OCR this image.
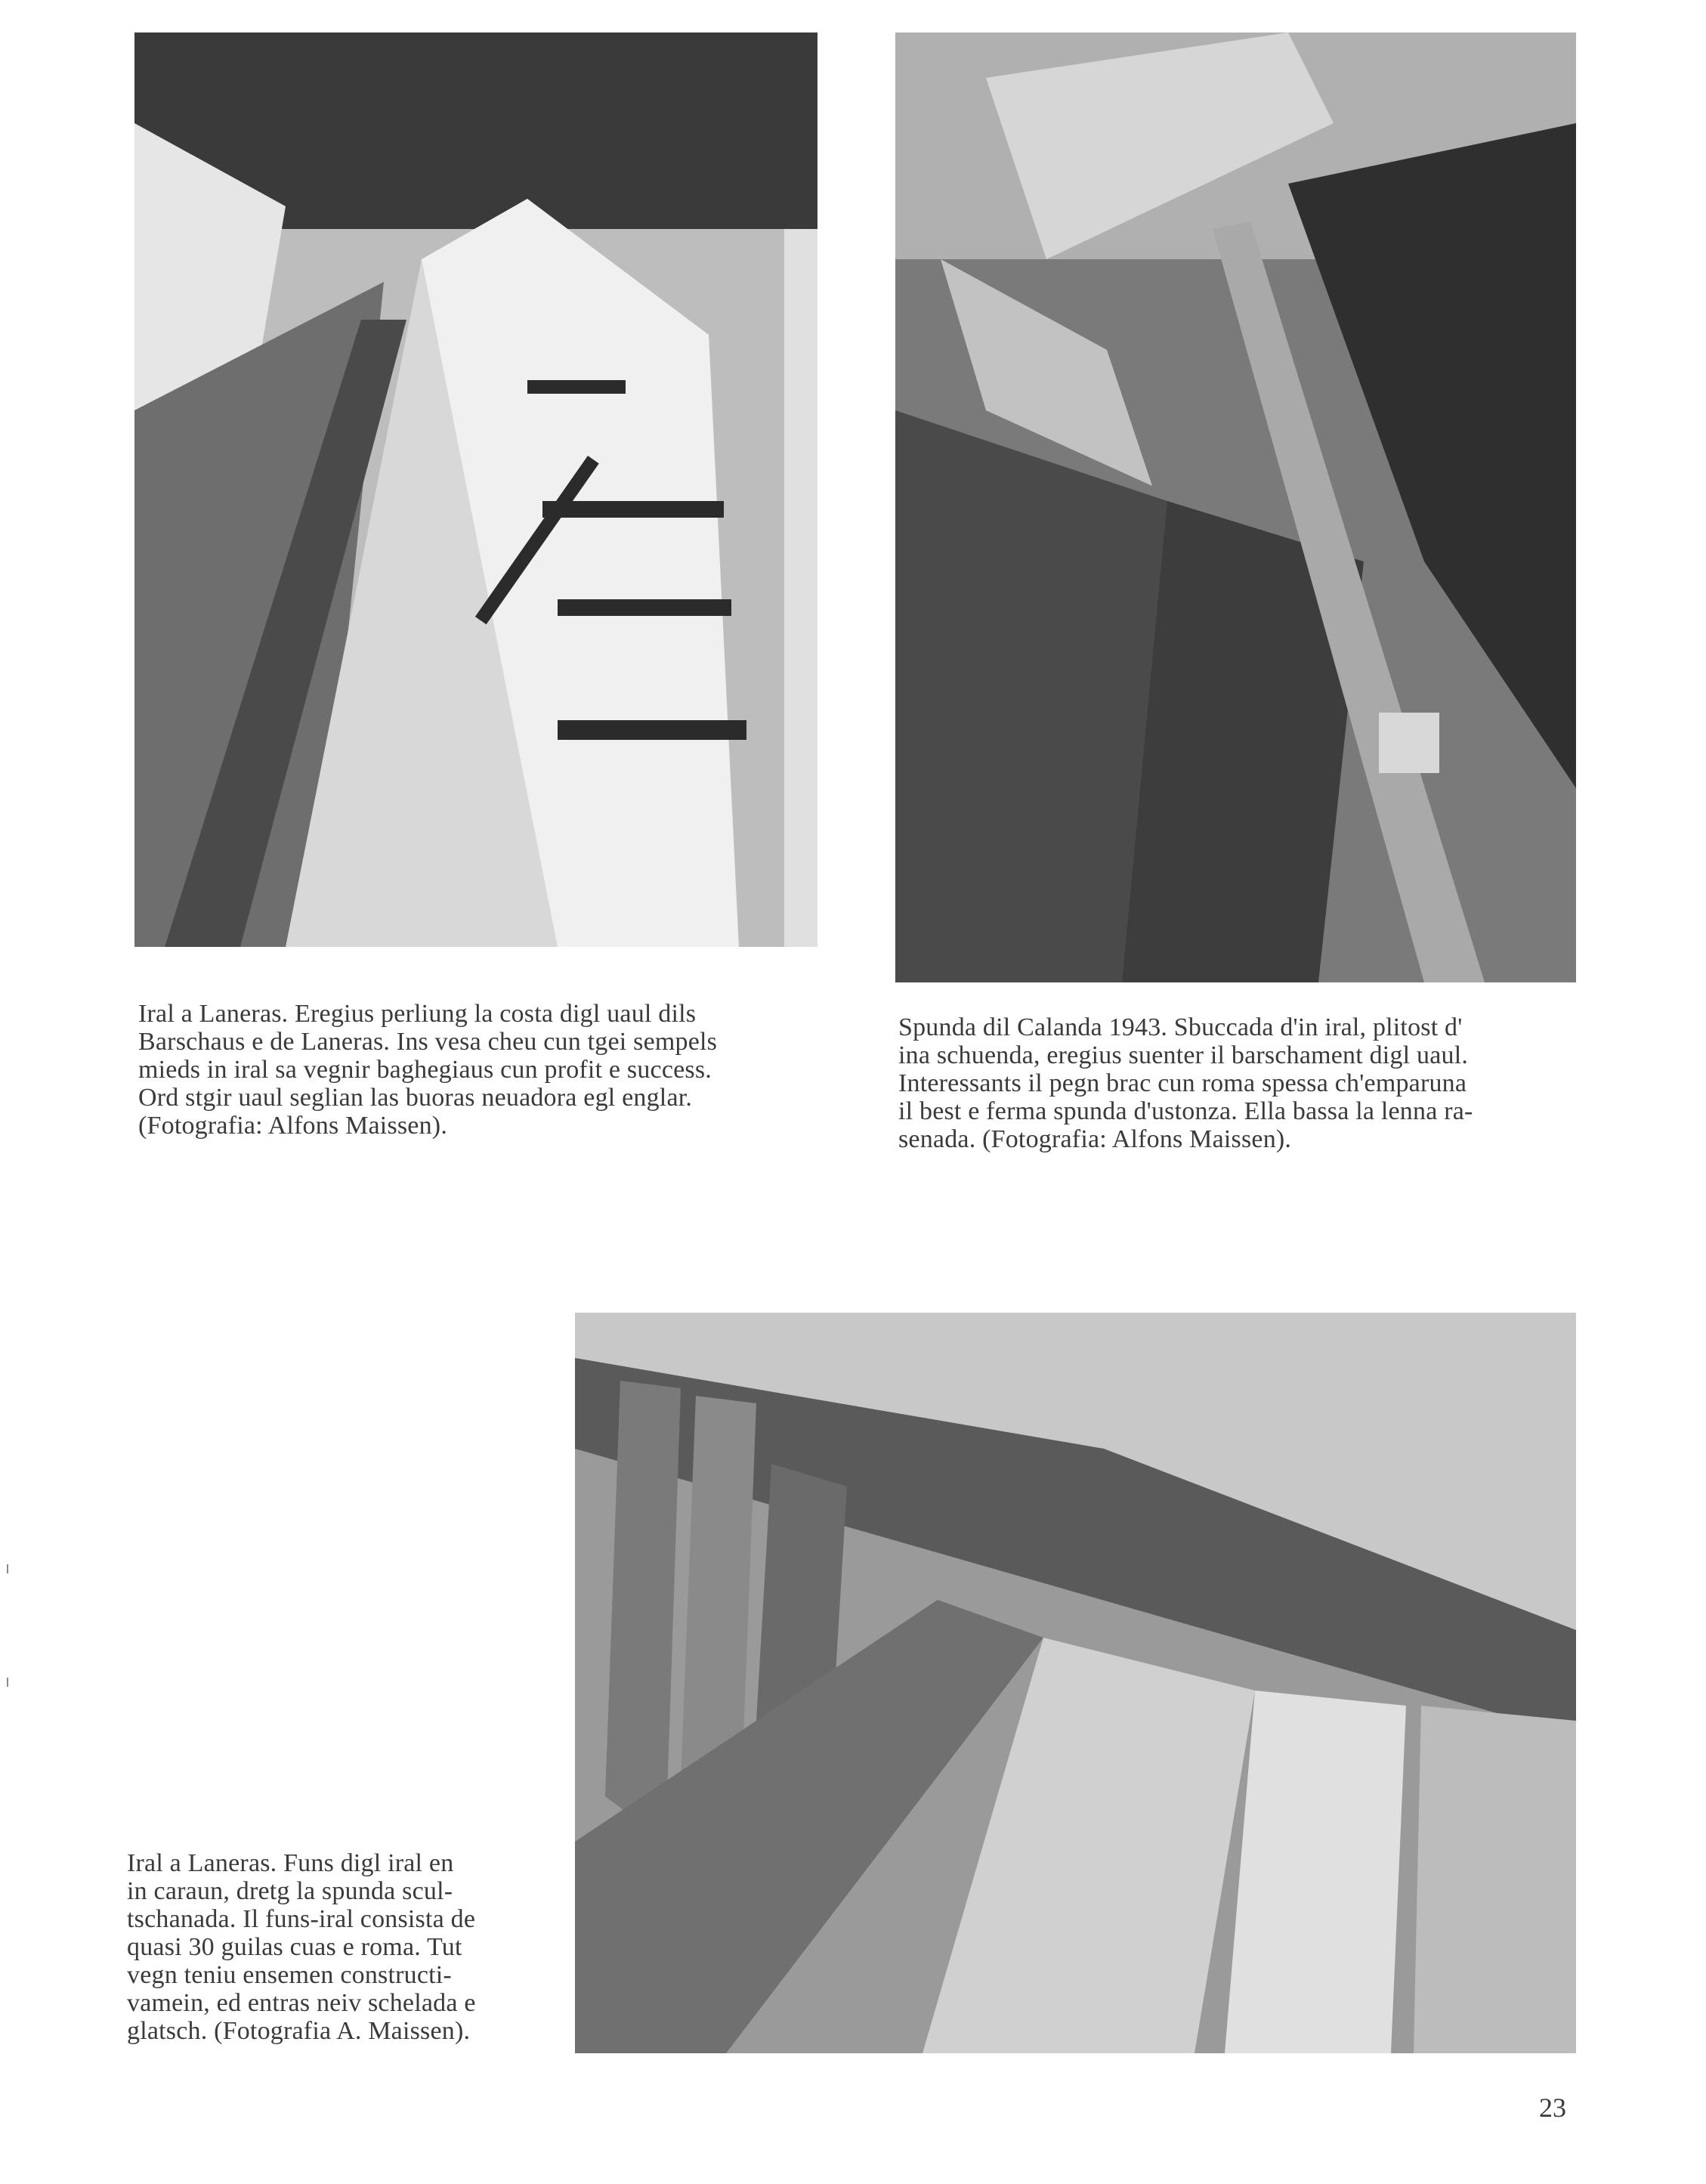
Iral a Laneras. Eregius perliung la costa digl uaul dils
Barschaus e de Laneras. Ins vesa cheu cun tgei sempels
mieds in iral sa vegnir baghegiaus cun profit e success.
Ord stgir uaul seglian las buoras neuadora egl englar.
(Fotografia: Alfons Maissen).
Spunda dil Calanda 1943. Sbuccada d'in iral, plitost d'
ina schuenda, eregius suenter il barschament digl uaul.
Interessants il pegn brac cun roma spessa ch'emparuna
il best e ferma spunda d'ustonza. Ella bassa la lenna ra-
senada. (Fotografia: Alfons Maissen).
Iral a Laneras. Funs digl iral en
in caraun, dretg la spunda scul-
tschanada. Il funs-iral consista de
quasi 30 guilas cuas e roma. Tut
vegn teniu ensemen constructi-
vamein, ed entras neiv schelada e
glatsch. (Fotografia A. Maissen).
23
